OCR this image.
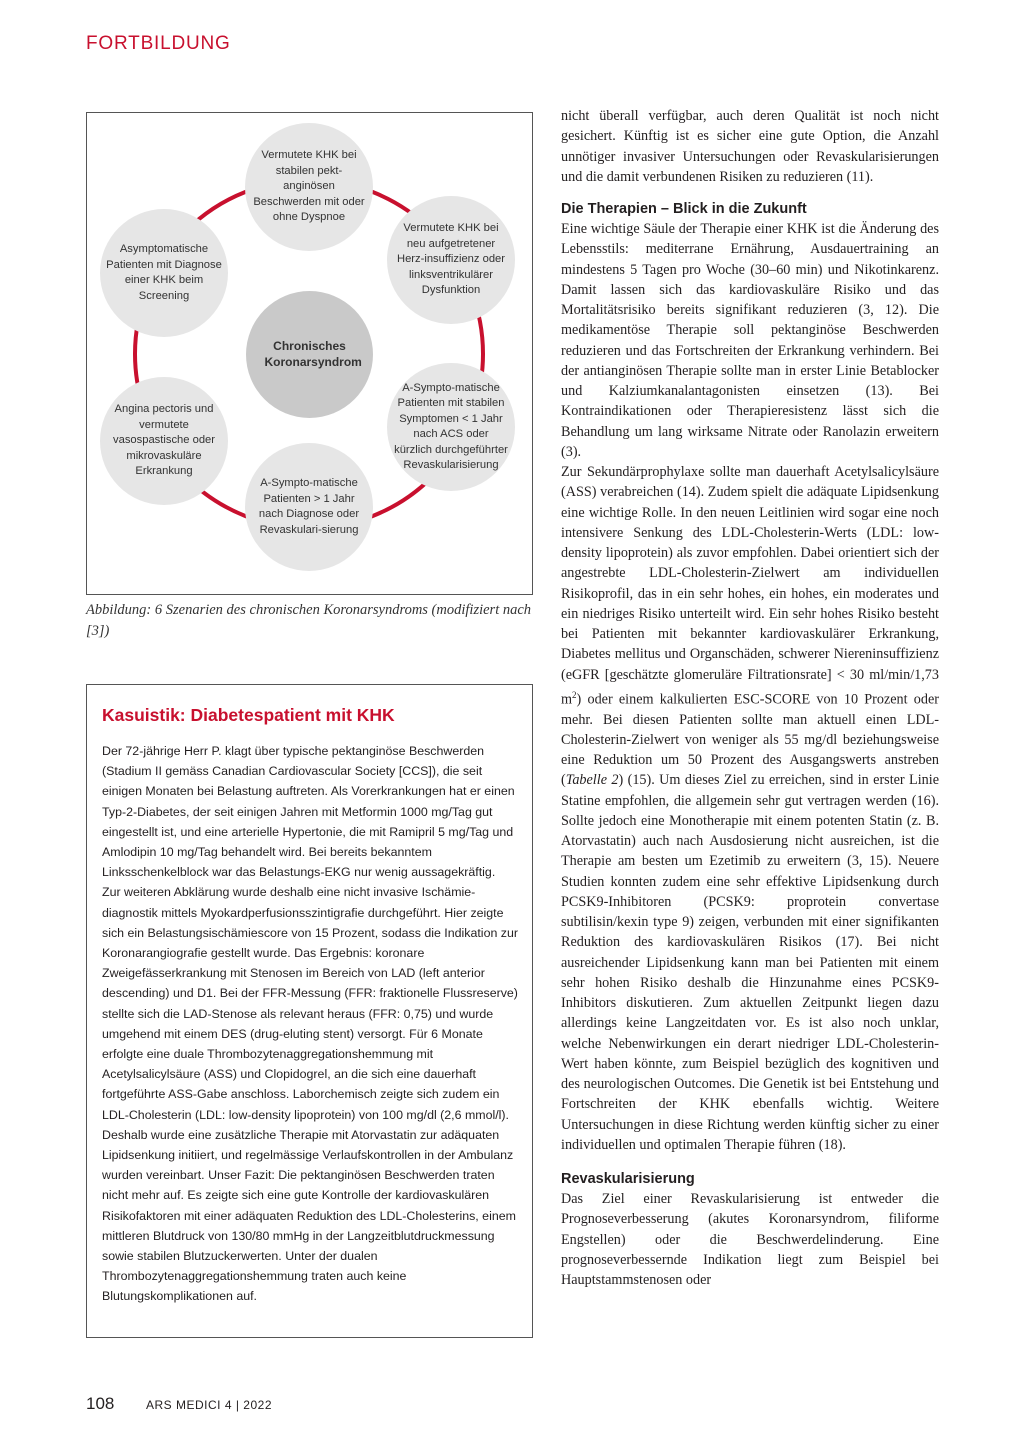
FORTBILDUNG
Vermutete KHK bei stabilen pekt-anginösen Beschwerden mit oder ohne Dyspnoe
Vermutete KHK bei neu aufgetretener Herz-insuffizienz oder linksventrikulärer Dysfunktion
A-Sympto-matische Patienten mit stabilen Symptomen < 1 Jahr nach ACS oder kürzlich durchgeführter Revaskularisierung
A-Sympto-matische Patienten > 1 Jahr nach Diagnose oder Revaskulari-sierung
Angina pectoris und vermutete vasospastische oder mikrovaskuläre Erkrankung
Asymptomatische Patienten mit Diagnose einer KHK beim Screening
Chronisches Koronarsyndrom
Abbildung: 6 Szenarien des chronischen Koronarsyndroms (modifiziert nach [3])
Kasuistik: Diabetespatient mit KHK

Der 72-jährige Herr P. klagt über typische pektanginöse Beschwerden (Stadium II gemäss Canadian Cardiovascular Society [CCS]), die seit einigen Monaten bei Belastung auftreten. Als Vorerkrankungen hat er einen Typ-2-Diabetes, der seit einigen Jahren mit Metformin 1000 mg/Tag gut eingestellt ist, und eine arterielle Hypertonie, die mit Ramipril 5 mg/Tag und Amlodipin 10 mg/Tag behandelt wird. Bei bereits bekanntem Linksschenkelblock war das Belastungs-EKG nur wenig aussagekräftig.

Zur weiteren Abklärung wurde deshalb eine nicht invasive Ischämie-diagnostik mittels Myokardperfusionsszintigrafie durchgeführt. Hier zeigte sich ein Belastungsischämiescore von 15 Prozent, sodass die Indikation zur Koronarangiografie gestellt wurde. Das Ergebnis: koronare Zweigefässerkrankung mit Stenosen im Bereich von LAD (left anterior descending) und D1. Bei der FFR-Messung (FFR: fraktionelle Flussreserve) stellte sich die LAD-Stenose als relevant heraus (FFR: 0,75) und wurde umgehend mit einem DES (drug-eluting stent) versorgt. Für 6 Monate erfolgte eine duale Thrombozytenaggregationshemmung mit Acetylsalicylsäure (ASS) und Clopidogrel, an die sich eine dauerhaft fortgeführte ASS-Gabe anschloss. Laborchemisch zeigte sich zudem ein LDL-Cholesterin (LDL: low-density lipoprotein) von 100 mg/dl (2,6 mmol/l). Deshalb wurde eine zusätzliche Therapie mit Atorvastatin zur adäquaten Lipidsenkung initiiert, und regelmässige Verlaufskontrollen in der Ambulanz wurden vereinbart. Unser Fazit: Die pektanginösen Beschwerden traten nicht mehr auf. Es zeigte sich eine gute Kontrolle der kardiovaskulären Risikofaktoren mit einer adäquaten Reduktion des LDL-Cholesterins, einem mittleren Blutdruck von 130/80 mmHg in der Langzeitblutdruckmessung sowie stabilen Blutzuckerwerten. Unter der dualen Thrombozytenaggregationshemmung traten auch keine Blutungskomplikationen auf.

nicht überall verfügbar, auch deren Qualität ist noch nicht gesichert. Künftig ist es sicher eine gute Option, die Anzahl unnötiger invasiver Untersuchungen oder Revaskularisierungen und die damit verbundenen Risiken zu reduzieren (11).

Die Therapien – Blick in die Zukunft

Eine wichtige Säule der Therapie einer KHK ist die Änderung des Lebensstils: mediterrane Ernährung, Ausdauertraining an mindestens 5 Tagen pro Woche (30–60 min) und Nikotinkarenz. Damit lassen sich das kardiovaskuläre Risiko und das Mortalitätsrisiko bereits signifikant reduzieren (3, 12). Die medikamentöse Therapie soll pektanginöse Beschwerden reduzieren und das Fortschreiten der Erkrankung verhindern. Bei der antianginösen Therapie sollte man in erster Linie Betablocker und Kalziumkanalantagonisten einsetzen (13). Bei Kontraindikationen oder Therapieresistenz lässt sich die Behandlung um lang wirksame Nitrate oder Ranolazin erweitern (3).

Zur Sekundärprophylaxe sollte man dauerhaft Acetylsalicylsäure (ASS) verabreichen (14). Zudem spielt die adäquate Lipidsenkung eine wichtige Rolle. In den neuen Leitlinien wird sogar eine noch intensivere Senkung des LDL-Cholesterin-Werts (LDL: low-density lipoprotein) als zuvor empfohlen. Dabei orientiert sich der angestrebte LDL-Cholesterin-Zielwert am individuellen Risikoprofil, das in ein sehr hohes, ein hohes, ein moderates und ein niedriges Risiko unterteilt wird. Ein sehr hohes Risiko besteht bei Patienten mit bekannter kardiovaskulärer Erkrankung, Diabetes mellitus und Organschäden, schwerer Niereninsuffizienz (eGFR [geschätzte glomeruläre Filtrationsrate] < 30 ml/min/1,73 $m^2$) oder einem kalkulierten ESC-SCORE von 10 Prozent oder mehr. Bei diesen Patienten sollte man aktuell einen LDL-Cholesterin-Zielwert von weniger als 55 mg/dl beziehungsweise eine Reduktion um 50 Prozent des Ausgangswerts anstreben (Tabelle 2) (15). Um dieses Ziel zu erreichen, sind in erster Linie Statine empfohlen, die allgemein sehr gut vertragen werden (16). Sollte jedoch eine Monotherapie mit einem potenten Statin (z. B. Atorvastatin) auch nach Ausdosierung nicht ausreichen, ist die Therapie am besten um Ezetimib zu erweitern (3, 15). Neuere Studien konnten zudem eine sehr effektive Lipidsenkung durch PCSK9-Inhibitoren (PCSK9: proprotein convertase subtilisin/kexin type 9) zeigen, verbunden mit einer signifikanten Reduktion des kardiovaskulären Risikos (17). Bei nicht ausreichender Lipidsenkung kann man bei Patienten mit einem sehr hohen Risiko deshalb die Hinzunahme eines PCSK9-Inhibitors diskutieren. Zum aktuellen Zeitpunkt liegen dazu allerdings keine Langzeitdaten vor. Es ist also noch unklar, welche Nebenwirkungen ein derart niedriger LDL-Cholesterin-Wert haben könnte, zum Beispiel bezüglich des kognitiven und des neurologischen Outcomes. Die Genetik ist bei Entstehung und Fortschreiten der KHK ebenfalls wichtig. Weitere Untersuchungen in diese Richtung werden künftig sicher zu einer individuellen und optimalen Therapie führen (18).

Revaskularisierung

Das Ziel einer Revaskularisierung ist entweder die Prognoseverbesserung (akutes Koronarsyndrom, filiforme Engstellen) oder die Beschwerdelinderung. Eine prognoseverbessernde Indikation liegt zum Beispiel bei Hauptstammstenosen oder

108	ARS MEDICI 4 | 2022
